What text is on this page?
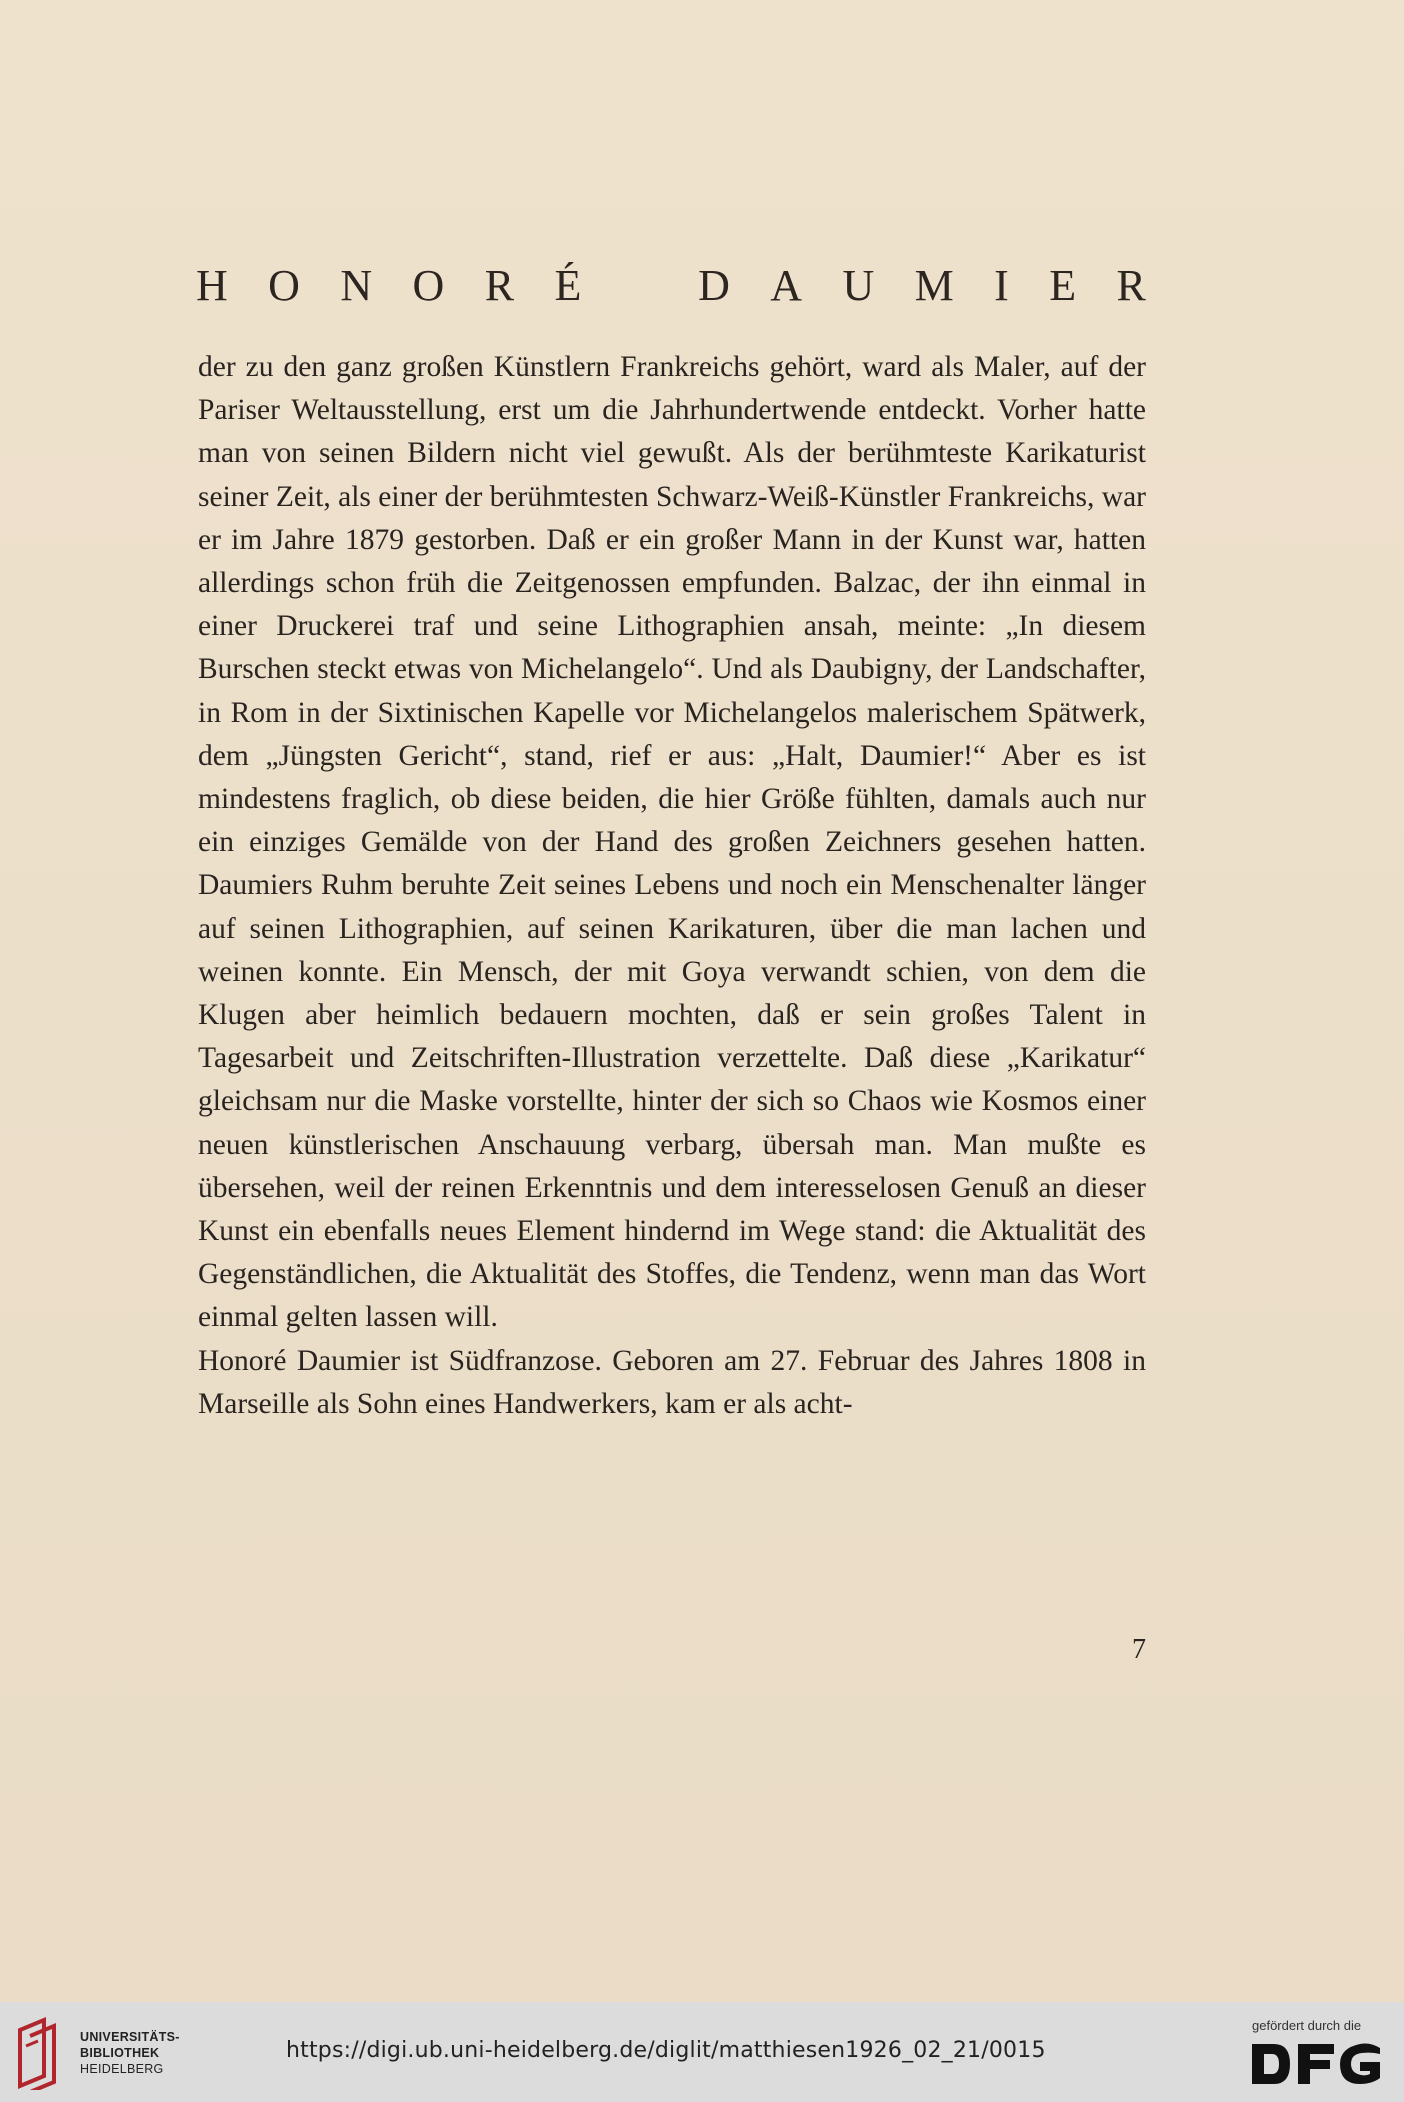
H O N O R É	D A U M I E R

der zu den ganz großen Künstlern Frankreichs gehört, ward als Maler, auf der Pariser Weltausstellung, erst um die Jahrhundertwende entdeckt. Vorher hatte man von seinen Bildern nicht viel gewußt. Als der berühmteste Karikaturist seiner Zeit, als einer der berühmtesten Schwarz-Weiß-Künstler Frankreichs, war er im Jahre 1879 gestorben. Daß er ein großer Mann in der Kunst war, hatten allerdings schon früh die Zeitgenossen empfunden. Balzac, der ihn einmal in einer Druckerei traf und seine Lithographien ansah, meinte: „In diesem Burschen steckt etwas von Michelangelo“. Und als Daubigny, der Landschafter, in Rom in der Sixtinischen Kapelle vor Michelangelos malerischem Spätwerk, dem „Jüngsten Gericht“, stand, rief er aus: „Halt, Daumier!“ Aber es ist mindestens fraglich, ob diese beiden, die hier Größe fühlten, damals auch nur ein einziges Gemälde von der Hand des großen Zeichners gesehen hatten. Daumiers Ruhm beruhte Zeit seines Lebens und noch ein Menschenalter länger auf seinen Lithographien, auf seinen Karikaturen, über die man lachen und weinen konnte. Ein Mensch, der mit Goya verwandt schien, von dem die Klugen aber heimlich bedauern mochten, daß er sein großes Talent in Tagesarbeit und Zeitschriften-Illustration verzettelte. Daß diese „Karikatur“ gleichsam nur die Maske vorstellte, hinter der sich so Chaos wie Kosmos einer neuen künstlerischen Anschauung verbarg, übersah man. Man mußte es übersehen, weil der reinen Erkenntnis und dem interesselosen Genuß an dieser Kunst ein ebenfalls neues Element hindernd im Wege stand: die Aktualität des Gegenständlichen, die Aktualität des Stoffes, die Tendenz, wenn man das Wort einmal gelten lassen will.

Honoré Daumier ist Südfranzose. Geboren am 27. Februar des Jahres 1808 in Marseille als Sohn eines Handwerkers, kam er als acht-

7
UNIVERSITÄTS-
BIBLIOTHEK
HEIDELBERG
https://digi.ub.uni-heidelberg.de/diglit/matthiesen1926_02_21/0015
gefördert durch die
